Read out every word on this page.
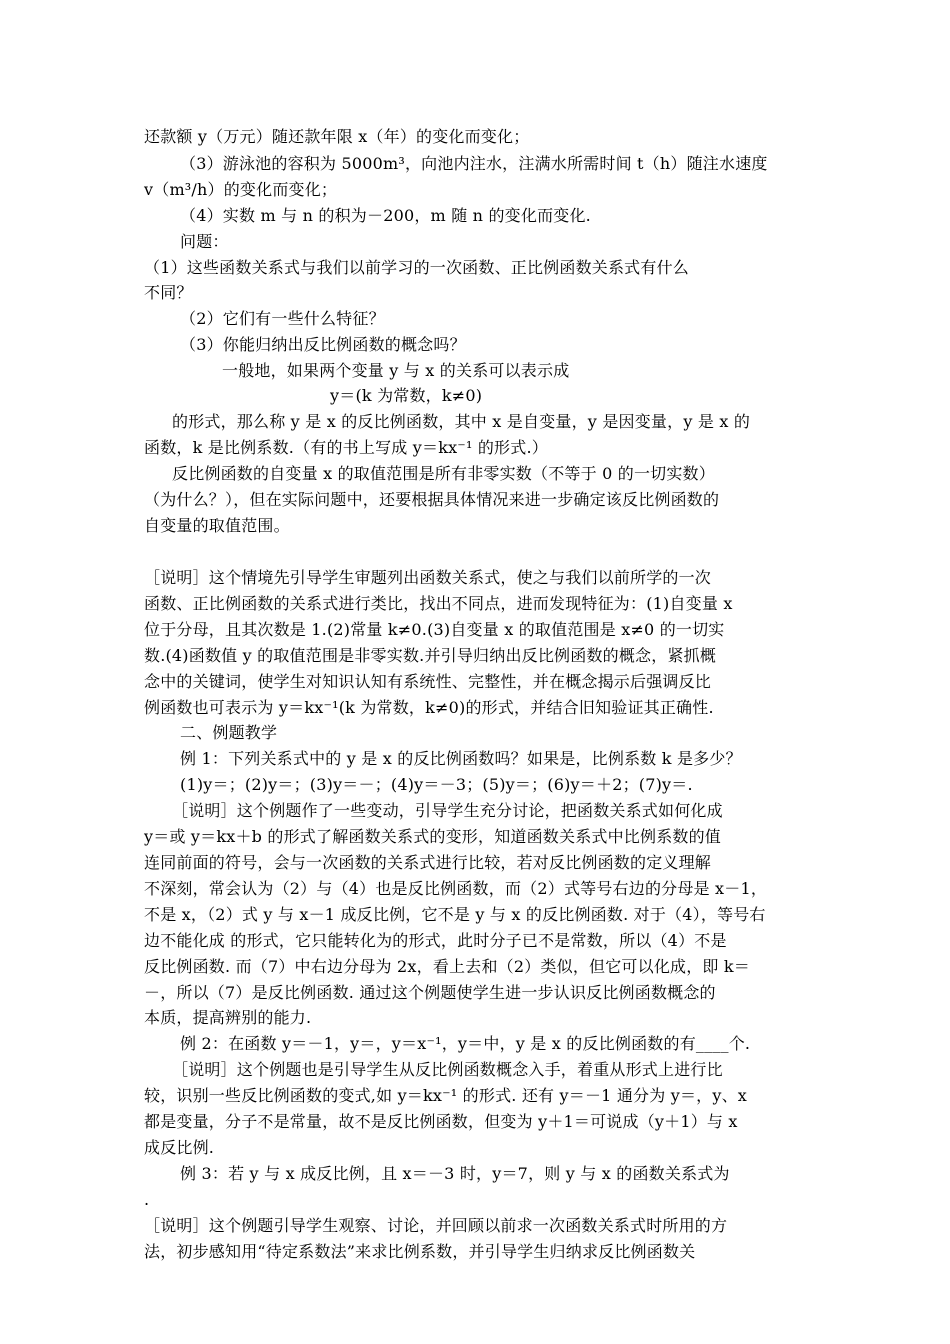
还款额 y（万元）随还款年限 x（年）的变化而变化；
（3）游泳池的容积为 5000m³，向池内注水，注满水所需时间 t（h）随注水速度
v（m³/h）的变化而变化；
（4）实数 m 与 n 的积为－200，m 随 n 的变化而变化.
问题：
（1）这些函数关系式与我们以前学习的一次函数、正比例函数关系式有什么
不同？
（2）它们有一些什么特征？
（3）你能归纳出反比例函数的概念吗？
一般地，如果两个变量 y 与 x 的关系可以表示成
y＝(k 为常数，k≠0)
的形式，那么称 y 是 x 的反比例函数，其中 x 是自变量，y 是因变量，y 是 x 的
函数，k 是比例系数.（有的书上写成 y＝kx⁻¹ 的形式.）
反比例函数的自变量 x 的取值范围是所有非零实数（不等于 0 的一切实数）
（为什么？），但在实际问题中，还要根据具体情况来进一步确定该反比例函数的
自变量的取值范围。
［说明］这个情境先引导学生审题列出函数关系式，使之与我们以前所学的一次
函数、正比例函数的关系式进行类比，找出不同点，进而发现特征为：(1)自变量 x
位于分母，且其次数是 1.(2)常量 k≠0.(3)自变量 x 的取值范围是 x≠0 的一切实
数.(4)函数值 y 的取值范围是非零实数.并引导归纳出反比例函数的概念，紧抓概
念中的关键词，使学生对知识认知有系统性、完整性，并在概念揭示后强调反比
例函数也可表示为 y＝kx⁻¹(k 为常数，k≠0)的形式，并结合旧知验证其正确性.
二、例题教学
例 1：下列关系式中的 y 是 x 的反比例函数吗？如果是，比例系数 k 是多少？
(1)y＝；(2)y＝；(3)y＝－；(4)y＝－3；(5)y＝；(6)y＝＋2；(7)y＝.
［说明］这个例题作了一些变动，引导学生充分讨论，把函数关系式如何化成
y＝或 y＝kx＋b 的形式了解函数关系式的变形，知道函数关系式中比例系数的值
连同前面的符号，会与一次函数的关系式进行比较，若对反比例函数的定义理解
不深刻，常会认为（2）与（4）也是反比例函数，而（2）式等号右边的分母是 x－1，
不是 x，（2）式 y 与 x－1 成反比例，它不是 y 与 x 的反比例函数. 对于（4），等号右
边不能化成 的形式，它只能转化为的形式，此时分子已不是常数，所以（4）不是
反比例函数. 而（7）中右边分母为 2x，看上去和（2）类似，但它可以化成，即 k＝
－，所以（7）是反比例函数. 通过这个例题使学生进一步认识反比例函数概念的
本质，提高辨别的能力.
例 2：在函数 y＝－1，y＝，y＝x⁻¹，y＝中，y 是 x 的反比例函数的有____个.
［说明］这个例题也是引导学生从反比例函数概念入手，着重从形式上进行比
较，识别一些反比例函数的变式,如 y＝kx⁻¹ 的形式. 还有 y＝－1 通分为 y＝，y、x
都是变量，分子不是常量，故不是反比例函数，但变为 y＋1＝可说成（y＋1）与 x
成反比例.
例 3：若 y 与 x 成反比例，且 x＝－3 时，y＝7，则 y 与 x 的函数关系式为
.
［说明］这个例题引导学生观察、讨论，并回顾以前求一次函数关系式时所用的方
法，初步感知用“待定系数法”来求比例系数，并引导学生归纳求反比例函数关
